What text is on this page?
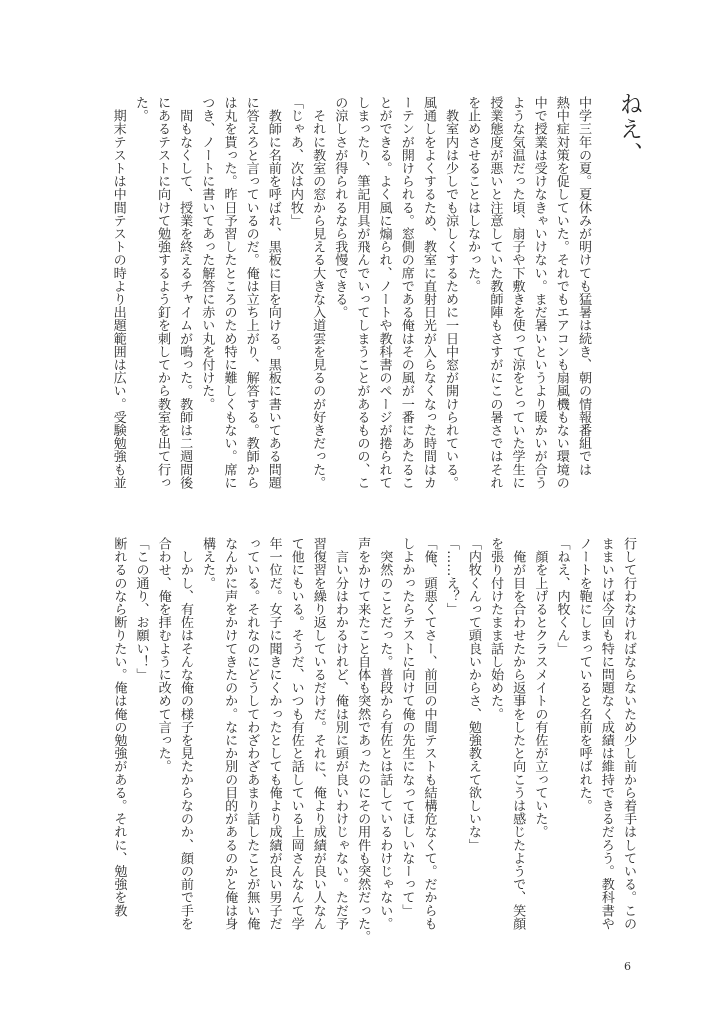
ねえ、

中学三年の夏。夏休みが明けても猛暑は続き、朝の情報番組では

熱中症対策を促していた。それでもエアコンも扇風機もない環境の

中で授業は受けなきゃいけない。まだ暑いというより暖かいが合う

ような気温だった頃、扇子や下敷きを使って涼をとっていた学生に

授業態度が悪いと注意していた教師陣もさすがにこの暑さではそれ

を止めさせることはしなかった。

　教室内は少しでも涼しくするために一日中窓が開けられている。

風通しをよくするため、教室に直射日光が入らなくなった時間はカ

ーテンが開けられる。窓側の席である俺はその風が一番にあたるこ

とができる。よく風に煽られ、ノートや教科書のページが捲られて

しまったり、筆記用具が飛んでいってしまうことがあるものの、こ

の涼しさが得られるなら我慢できる。

　それに教室の窓から見える大きな入道雲を見るのが好きだった。

「じゃあ、次は内牧」

　教師に名前を呼ばれ、黒板に目を向ける。黒板に書いてある問題

に答えろと言っているのだ。俺は立ち上がり、解答する。教師から

は丸を貰った。昨日予習したところのため特に難しくもない。席に

つき、ノートに書いてあった解答に赤い丸を付けた。

　間もなくして、授業を終えるチャイムが鳴った。教師は二週間後

にあるテストに向けて勉強するよう釘を刺してから教室を出て行っ

た。

　期末テストは中間テストの時より出題範囲は広い。受験勉強も並

行して行わなければならないため少し前から着手はしている。この

ままいけば今回も特に問題なく成績は維持できるだろう。教科書や

ノートを鞄にしまっていると名前を呼ばれた。

「ねえ、内牧くん」

　顔を上げるとクラスメイトの有佐が立っていた。

　俺が目を合わせたから返事をしたと向こうは感じたようで、笑顔

を張り付けたまま話し始めた。

「内牧くんって頭良いからさ、勉強教えて欲しいな」

「……え？」

「俺、頭悪くてさー、前回の中間テストも結構危なくて。だからも

しよかったらテストに向けて俺の先生になってほしいなーって」

　突然のことだった。普段から有佐とは話しているわけじゃない。

声をかけて来たこと自体も突然であったのにその用件も突然だった。

　言い分はわかるけれど、俺は別に頭が良いわけじゃない。ただ予

習復習を繰り返しているだけだ。それに、俺より成績が良い人なん

て他にもいる。そうだ、いつも有佐と話している上岡さんなんて学

年一位だ。女子に聞きにくかったとしても俺より成績が良い男子だ

っている。それなのにどうしてわざわざあまり話したことが無い俺

なんかに声をかけてきたのか。なにか別の目的があるのかと俺は身

構えた。

　しかし、有佐はそんな俺の様子を見たからなのか、顔の前で手を

合わせ、俺を拝むように改めて言った。

「この通り、お願い！」

断れるのなら断りたい。俺は俺の勉強がある。それに、勉強を教

6
